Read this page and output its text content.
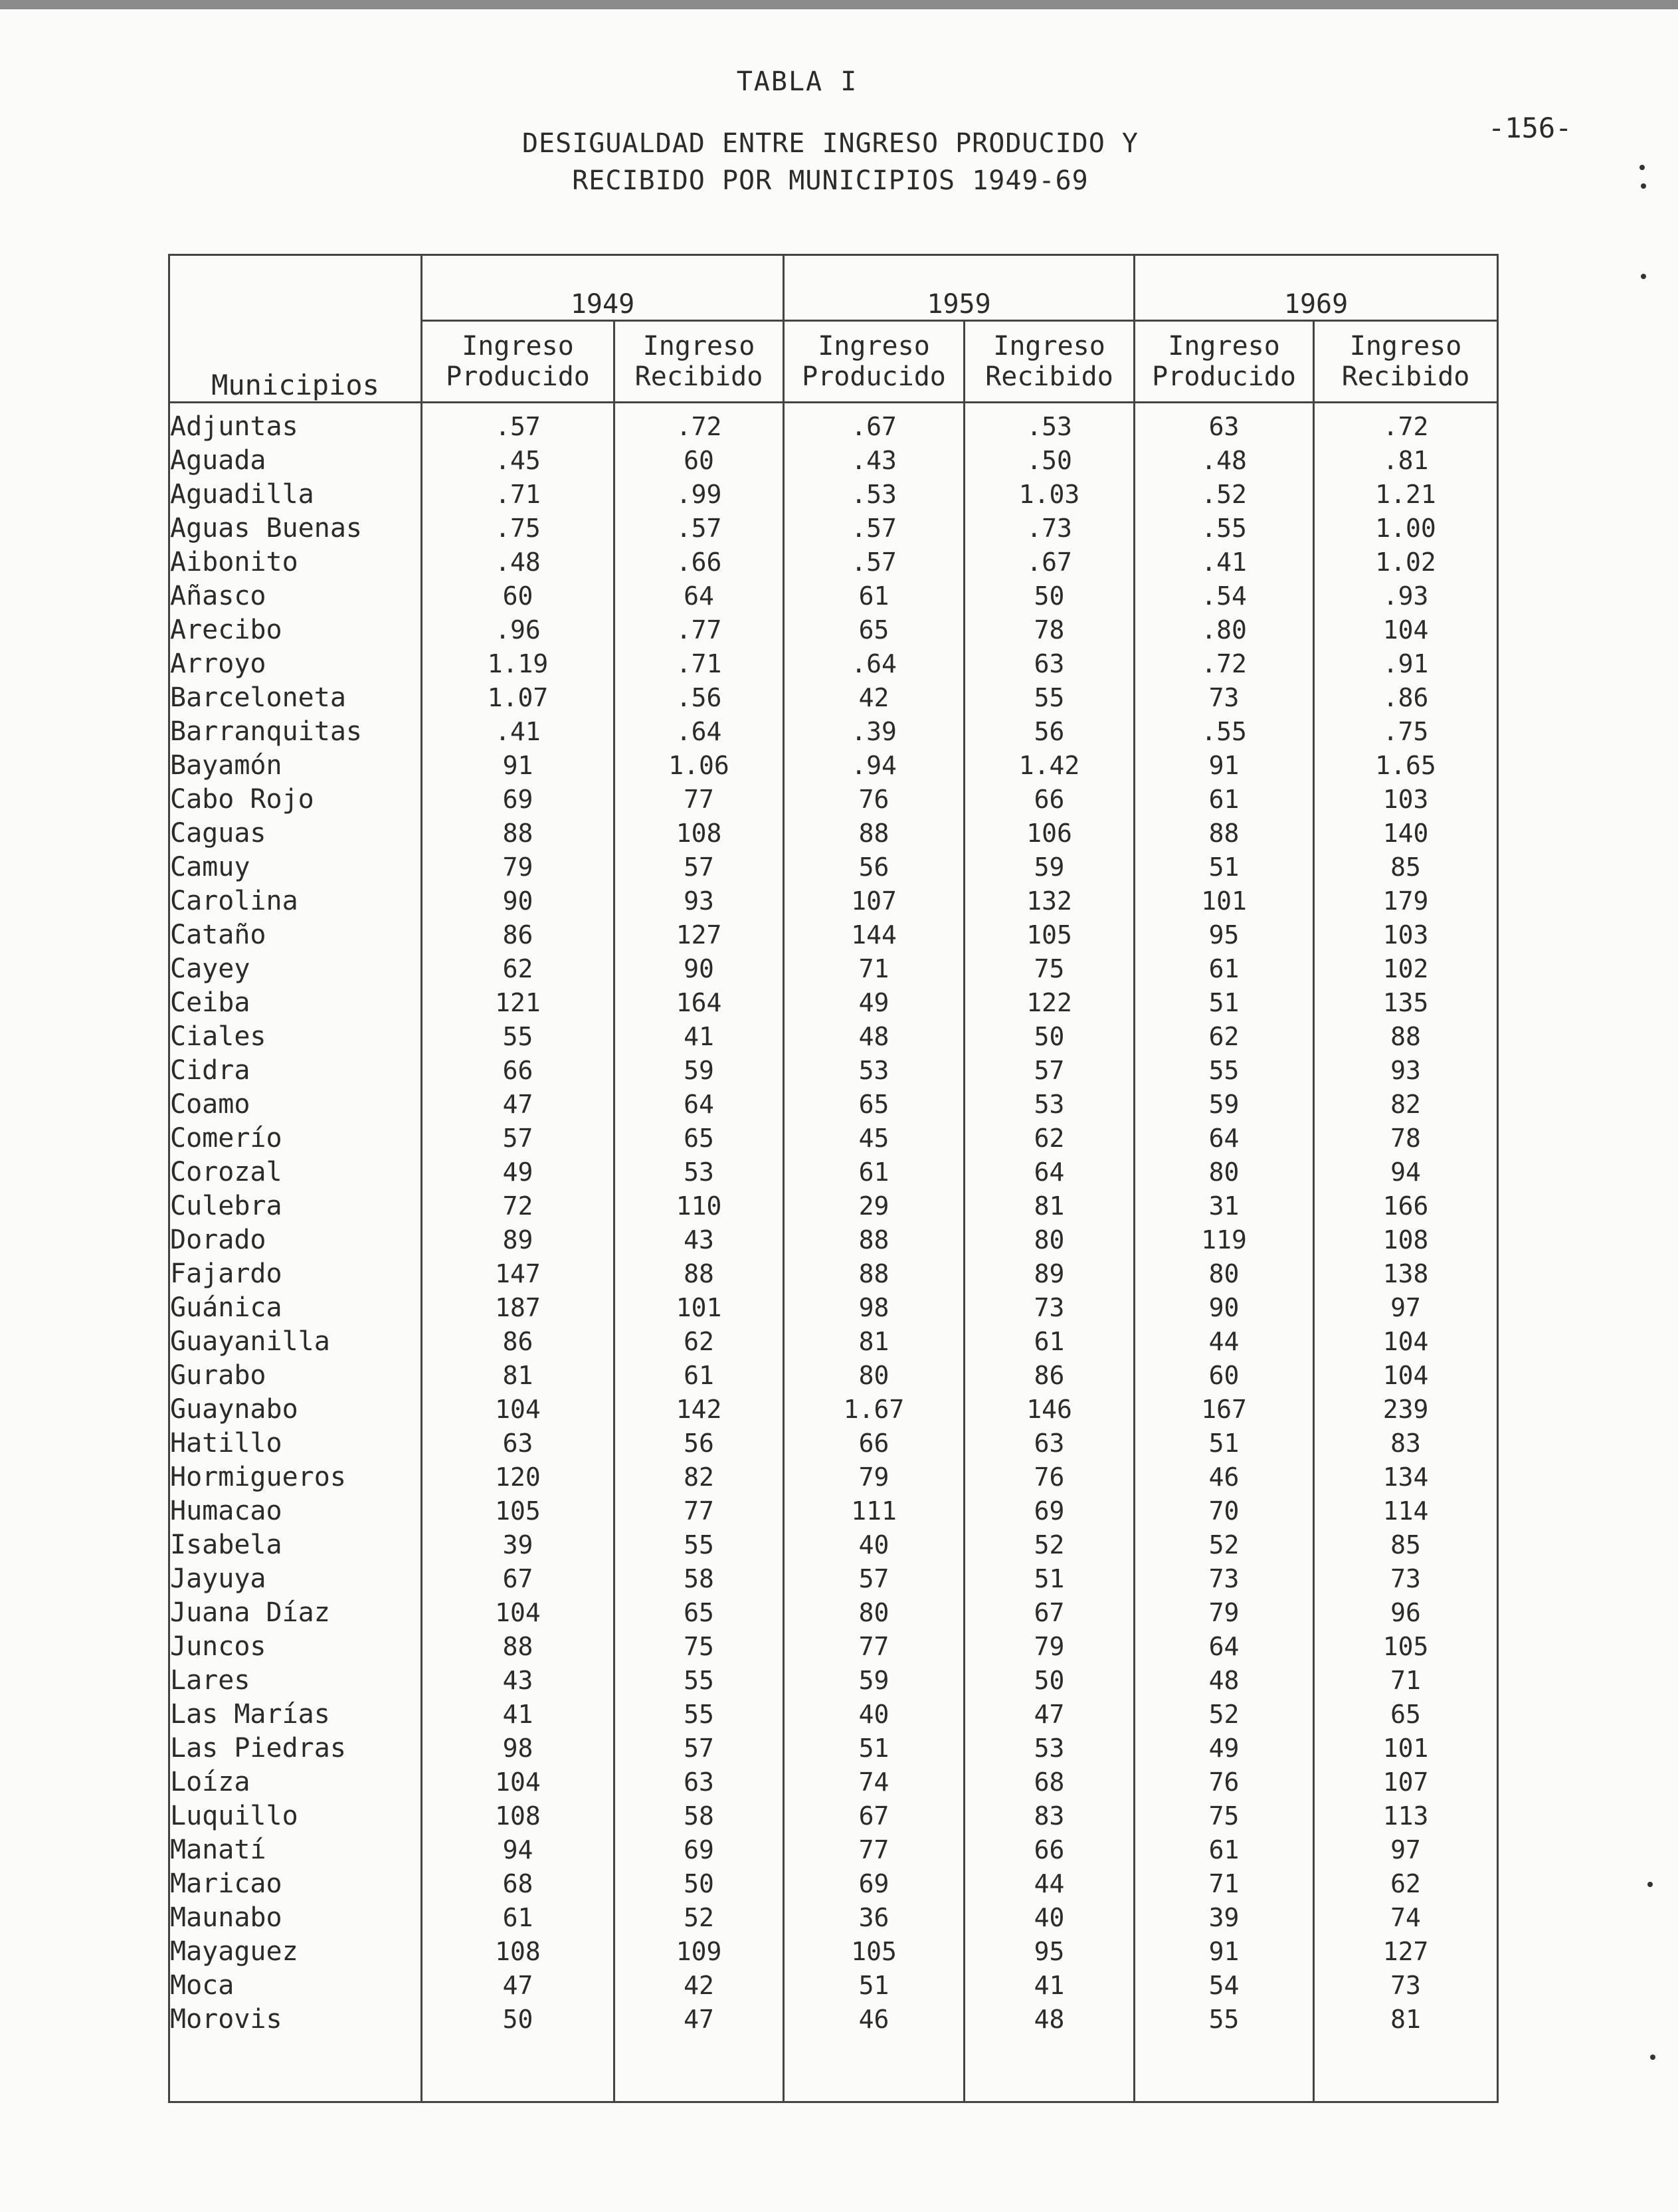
TABLA I
DESIGUALDAD ENTRE INGRESO PRODUCIDO Y
RECIBIDO POR MUNICIPIOS 1949-69
-156-
Municipios	1949		1959		1969	
	Ingreso Producido	Ingreso Recibido	Ingreso Producido	Ingreso Recibido	Ingreso Producido	Ingreso Recibido

Adjuntas	.57	.72	.67	.53	63	.72
Aguada	.45	60	.43	.50	.48	.81
Aguadilla	.71	.99	.53	1.03	.52	1.21
Aguas Buenas	.75	.57	.57	.73	.55	1.00
Aibonito	.48	.66	.57	.67	.41	1.02
Añasco	60	64	61	50	.54	.93
Arecibo	.96	.77	65	78	.80	104
Arroyo	1.19	.71	.64	63	.72	.91
Barceloneta	1.07	.56	42	55	73	.86
Barranquitas	.41	.64	.39	56	.55	.75
Bayamón	91	1.06	.94	1.42	91	1.65
Cabo Rojo	69	77	76	66	61	103
Caguas	88	108	88	106	88	140
Camuy	79	57	56	59	51	85
Carolina	90	93	107	132	101	179
Cataño	86	127	144	105	95	103
Cayey	62	90	71	75	61	102
Ceiba	121	164	49	122	51	135
Ciales	55	41	48	50	62	88
Cidra	66	59	53	57	55	93
Coamo	47	64	65	53	59	82
Comerío	57	65	45	62	64	78
Corozal	49	53	61	64	80	94
Culebra	72	110	29	81	31	166
Dorado	89	43	88	80	119	108
Fajardo	147	88	88	89	80	138
Guánica	187	101	98	73	90	97
Guayanilla	86	62	81	61	44	104
Gurabo	81	61	80	86	60	104
Guaynabo	104	142	1.67	146	167	239
Hatillo	63	56	66	63	51	83
Hormigueros	120	82	79	76	46	134
Humacao	105	77	111	69	70	114
Isabela	39	55	40	52	52	85
Jayuya	67	58	57	51	73	73
Juana Díaz	104	65	80	67	79	96
Juncos	88	75	77	79	64	105
Lares	43	55	59	50	48	71
Las Marías	41	55	40	47	52	65
Las Piedras	98	57	51	53	49	101
Loíza	104	63	74	68	76	107
Luquillo	108	58	67	83	75	113
Manatí	94	69	77	66	61	97
Maricao	68	50	69	44	71	62
Maunabo	61	52	36	40	39	74
Mayaguez	108	109	105	95	91	127
Moca	47	42	51	41	54	73
Morovis	50	47	46	48	55	81
